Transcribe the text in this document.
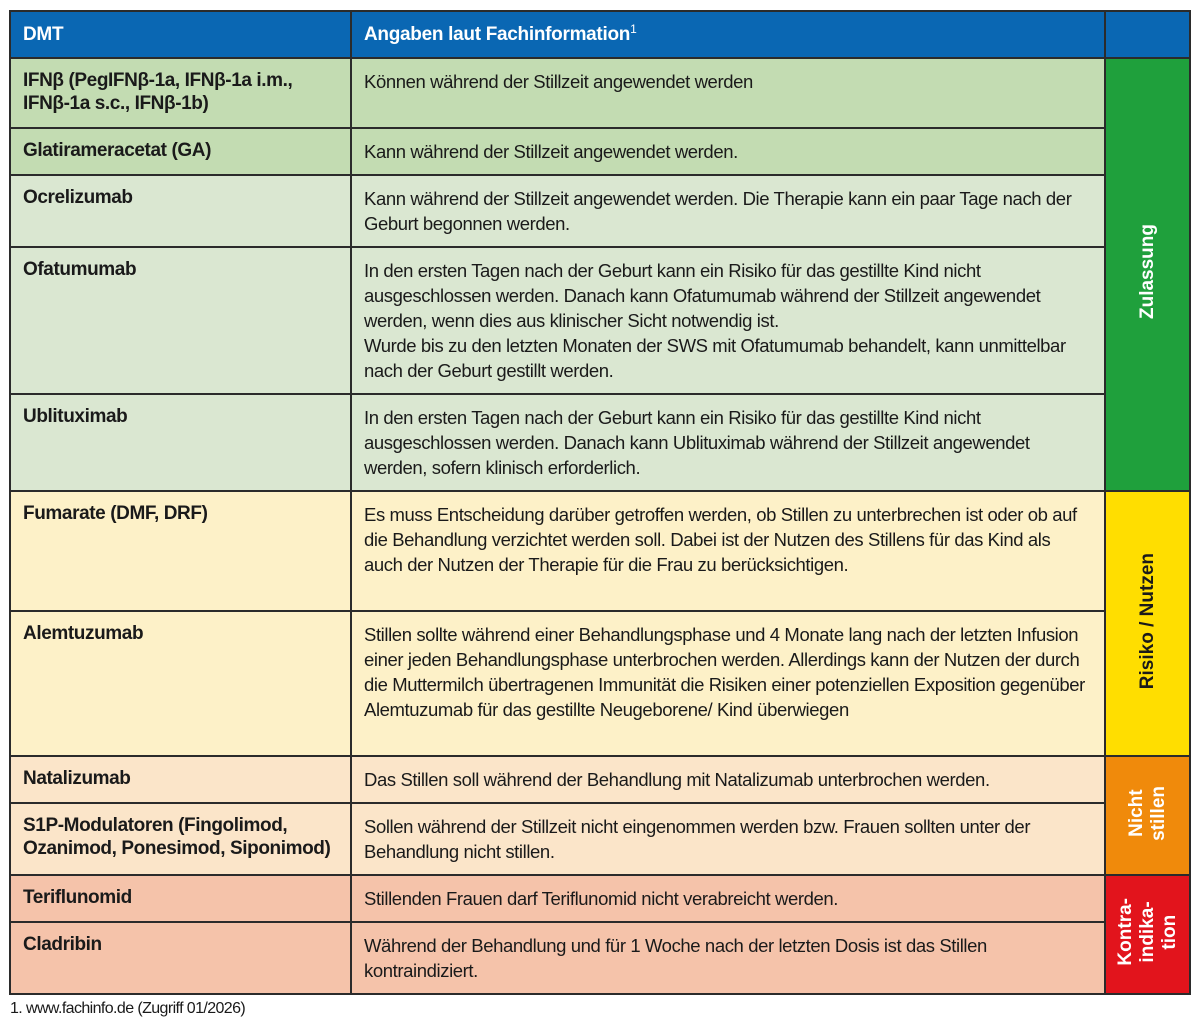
DMT	Angaben laut Fachinformation$^1$	
IFNβ (PegIFNβ-1a, IFNβ-1a i.m., IFNβ-1a s.c., IFNβ-1b)	Können während der Stillzeit angewendet werden	Zulassung
Glatirameracetat (GA)	Kann während der Stillzeit angewendet werden.	
Ocrelizumab	Kann während der Stillzeit angewendet werden. Die Therapie kann ein paar Tage nach der Geburt begonnen werden.	
Ofatumumab	In den ersten Tagen nach der Geburt kann ein Risiko für das gestillte Kind nicht ausgeschlossen werden. Danach kann Ofatumumab während der Stillzeit angewendet werden, wenn dies aus klinischer Sicht notwendig ist.
Wurde bis zu den letzten Monaten der SWS mit Ofatumumab behandelt, kann unmittelbar nach der Geburt gestillt werden.	

Ublituximab	In den ersten Tagen nach der Geburt kann ein Risiko für das gestillte Kind nicht ausgeschlossen werden. Danach kann Ublituximab während der Stillzeit angewendet werden, sofern klinisch erforderlich.	
Fumarate (DMF, DRF)	Es muss Entscheidung darüber getroffen werden, ob Stillen zu unterbrechen ist oder ob auf die Behandlung verzichtet werden soll. Dabei ist der Nutzen des Stillens für das Kind als auch der Nutzen der Therapie für die Frau zu berücksichtigen.	Risiko / Nutzen
Alemtuzumab	Stillen sollte während einer Behandlungsphase und 4 Monate lang nach der letzten Infusion einer jeden Behandlungsphase unterbrochen werden. Allerdings kann der Nutzen der durch die Muttermilch übertragenen Immunität die Risiken einer potenziellen Exposition gegenüber Alemtuzumab für das gestillte Neugeborene/ Kind überwiegen	
Natalizumab	Das Stillen soll während der Behandlung mit Natalizumab unterbrochen werden.	Nicht
stillen
S1P-Modulatoren (Fingolimod, Ozanimod, Ponesimod, Siponimod)	Sollen während der Stillzeit nicht eingenommen werden bzw. Frauen sollten unter der Behandlung nicht stillen.	
Teriflunomid	Stillenden Frauen darf Teriflunomid nicht verabreicht werden.	Kontra-
indika-
tion
Cladribin	Während der Behandlung und für 1 Woche nach der letzten Dosis ist das Stillen kontraindiziert.	
1. www.fachinfo.de (Zugriff 01/2026)
